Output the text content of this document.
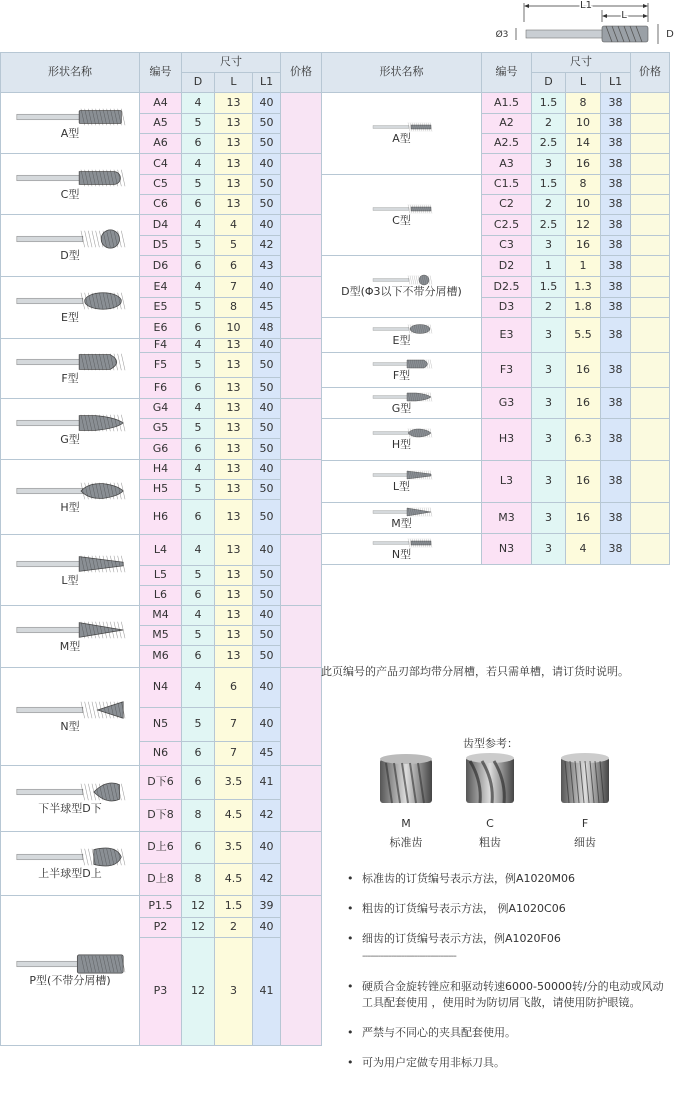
L1
L
Ø3	D
形状名称	编号	尺寸			价格
		D	L	L1	

A型	A4	4	13	40	
	A5	5	13	50	
	A6	6	13	50	

C型	C4	4	13	40	
	C5	5	13	50	
	C6	6	13	50	

D型	D4	4	4	40	
	D5	5	5	42	
	D6	6	6	43	

E型	E4	4	7	40	
	E5	5	8	45	
	E6	6	10	48	

F型	F4	4	13	40	
	F5	5	13	50	
	F6	6	13	50	

G型	G4	4	13	40	
	G5	5	13	50	
	G6	6	13	50	

H型	H4	4	13	40	
	H5	5	13	50	
	H6	6	13	50	

L型	L4	4	13	40	
	L5	5	13	50	
	L6	6	13	50	

M型	M4	4	13	40	
	M5	5	13	50	
	M6	6	13	50	

N型	N4	4	6	40	
	N5	5	7	40	
	N6	6	7	45	

下半球型D下	D下6	6	3.5	41	
	D下8	8	4.5	42	

上半球型D上	D上6	6	3.5	40	
	D上8	8	4.5	42	

P型(不带分屑槽)	P1.5	12	1.5	39	
	P2	12	2	40	
	P3	12	3	41	
形状名称	编号	尺寸			价格
		D	L	L1	

A型	A1.5	1.5	8	38	
	A2	2	10	38	
	A2.5	2.5	14	38	
	A3	3	16	38	

C型	C1.5	1.5	8	38	
	C2	2	10	38	
	C2.5	2.5	12	38	
	C3	3	16	38	

D型(Φ3以下不带分屑槽)	D2	1	1	38	
	D2.5	1.5	1.3	38	
	D3	2	1.8	38	

E型	E3	3	5.5	38	

F型	F3	3	16	38	

G型	G3	3	16	38	

H型	H3	3	6.3	38	

L型	L3	3	16	38	

M型	M3	3	16	38	

N型	N3	3	4	38	
此页编号的产品刃部均带分屑槽，若只需单槽，请订货时说明。
齿型参考：
M
标准齿
C
粗齿
F
细齿
• 标准齿的订货编号表示方法，例A1020M06
• 粗齿的订货编号表示方法， 例A1020C06
• 细齿的订货编号表示方法，例A1020F06
------------------------------------
• 硬质合金旋转锉应和驱动转速6000-50000转/分的电动或风动工具配套使用 ，使用时为防切屑飞散，请使用防护眼镜。
• 严禁与不同心的夹具配套使用。
• 可为用户定做专用非标刀具。
